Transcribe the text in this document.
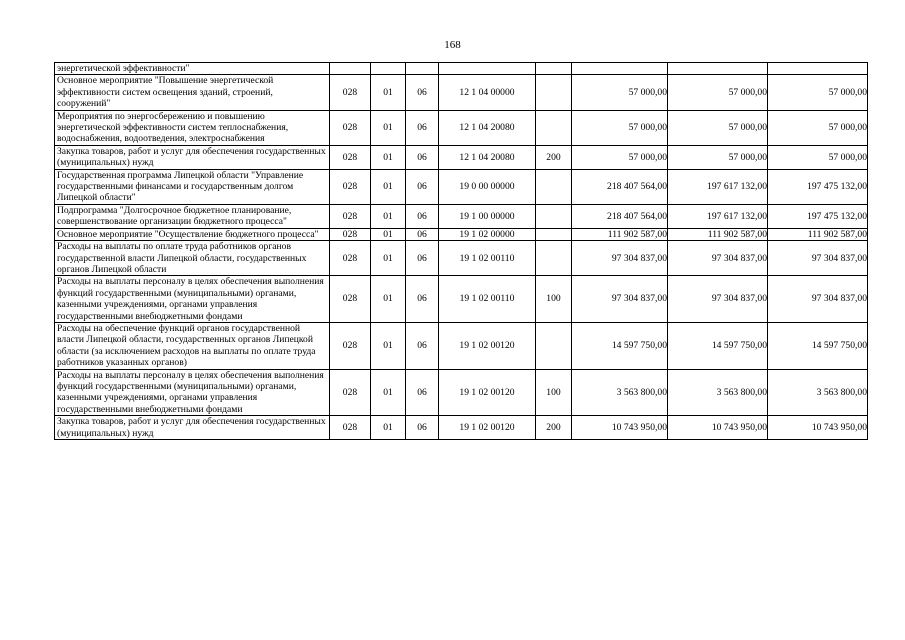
168
энергетической эффективности"								
Основное мероприятие "Повышение энергетической эффективности систем освещения зданий, строений, сооружений"	028	01	06	12 1 04 00000		57 000,00	57 000,00	57 000,00
Мероприятия по энергосбережению и повышению энергетической эффективности систем теплоснабжения, водоснабжения, водоотведения, электроснабжения	028	01	06	12 1 04 20080		57 000,00	57 000,00	57 000,00
Закупка товаров, работ и услуг для обеспечения государственных (муниципальных) нужд	028	01	06	12 1 04 20080	200	57 000,00	57 000,00	57 000,00
Государственная программа Липецкой области "Управление государственными финансами и государственным долгом Липецкой области"	028	01	06	19 0 00 00000		218 407 564,00	197 617 132,00	197 475 132,00
Подпрограмма "Долгосрочное бюджетное планирование, совершенствование организации бюджетного процесса"	028	01	06	19 1 00 00000		218 407 564,00	197 617 132,00	197 475 132,00
Основное мероприятие "Осуществление бюджетного процесса"	028	01	06	19 1 02 00000		111 902 587,00	111 902 587,00	111 902 587,00
Расходы на выплаты по оплате труда работников органов государственной власти Липецкой области, государственных органов Липецкой области	028	01	06	19 1 02 00110		97 304 837,00	97 304 837,00	97 304 837,00
Расходы на выплаты персоналу в целях обеспечения выполнения функций государственными (муниципальными) органами, казенными учреждениями, органами управления государственными внебюджетными фондами	028	01	06	19 1 02 00110	100	97 304 837,00	97 304 837,00	97 304 837,00
Расходы на обеспечение функций органов государственной власти Липецкой области, государственных органов Липецкой области (за исключением расходов на выплаты по оплате труда работников указанных органов)	028	01	06	19 1 02 00120		14 597 750,00	14 597 750,00	14 597 750,00
Расходы на выплаты персоналу в целях обеспечения выполнения функций государственными (муниципальными) органами, казенными учреждениями, органами управления государственными внебюджетными фондами	028	01	06	19 1 02 00120	100	3 563 800,00	3 563 800,00	3 563 800,00
Закупка товаров, работ и услуг для обеспечения государственных (муниципальных) нужд	028	01	06	19 1 02 00120	200	10 743 950,00	10 743 950,00	10 743 950,00
